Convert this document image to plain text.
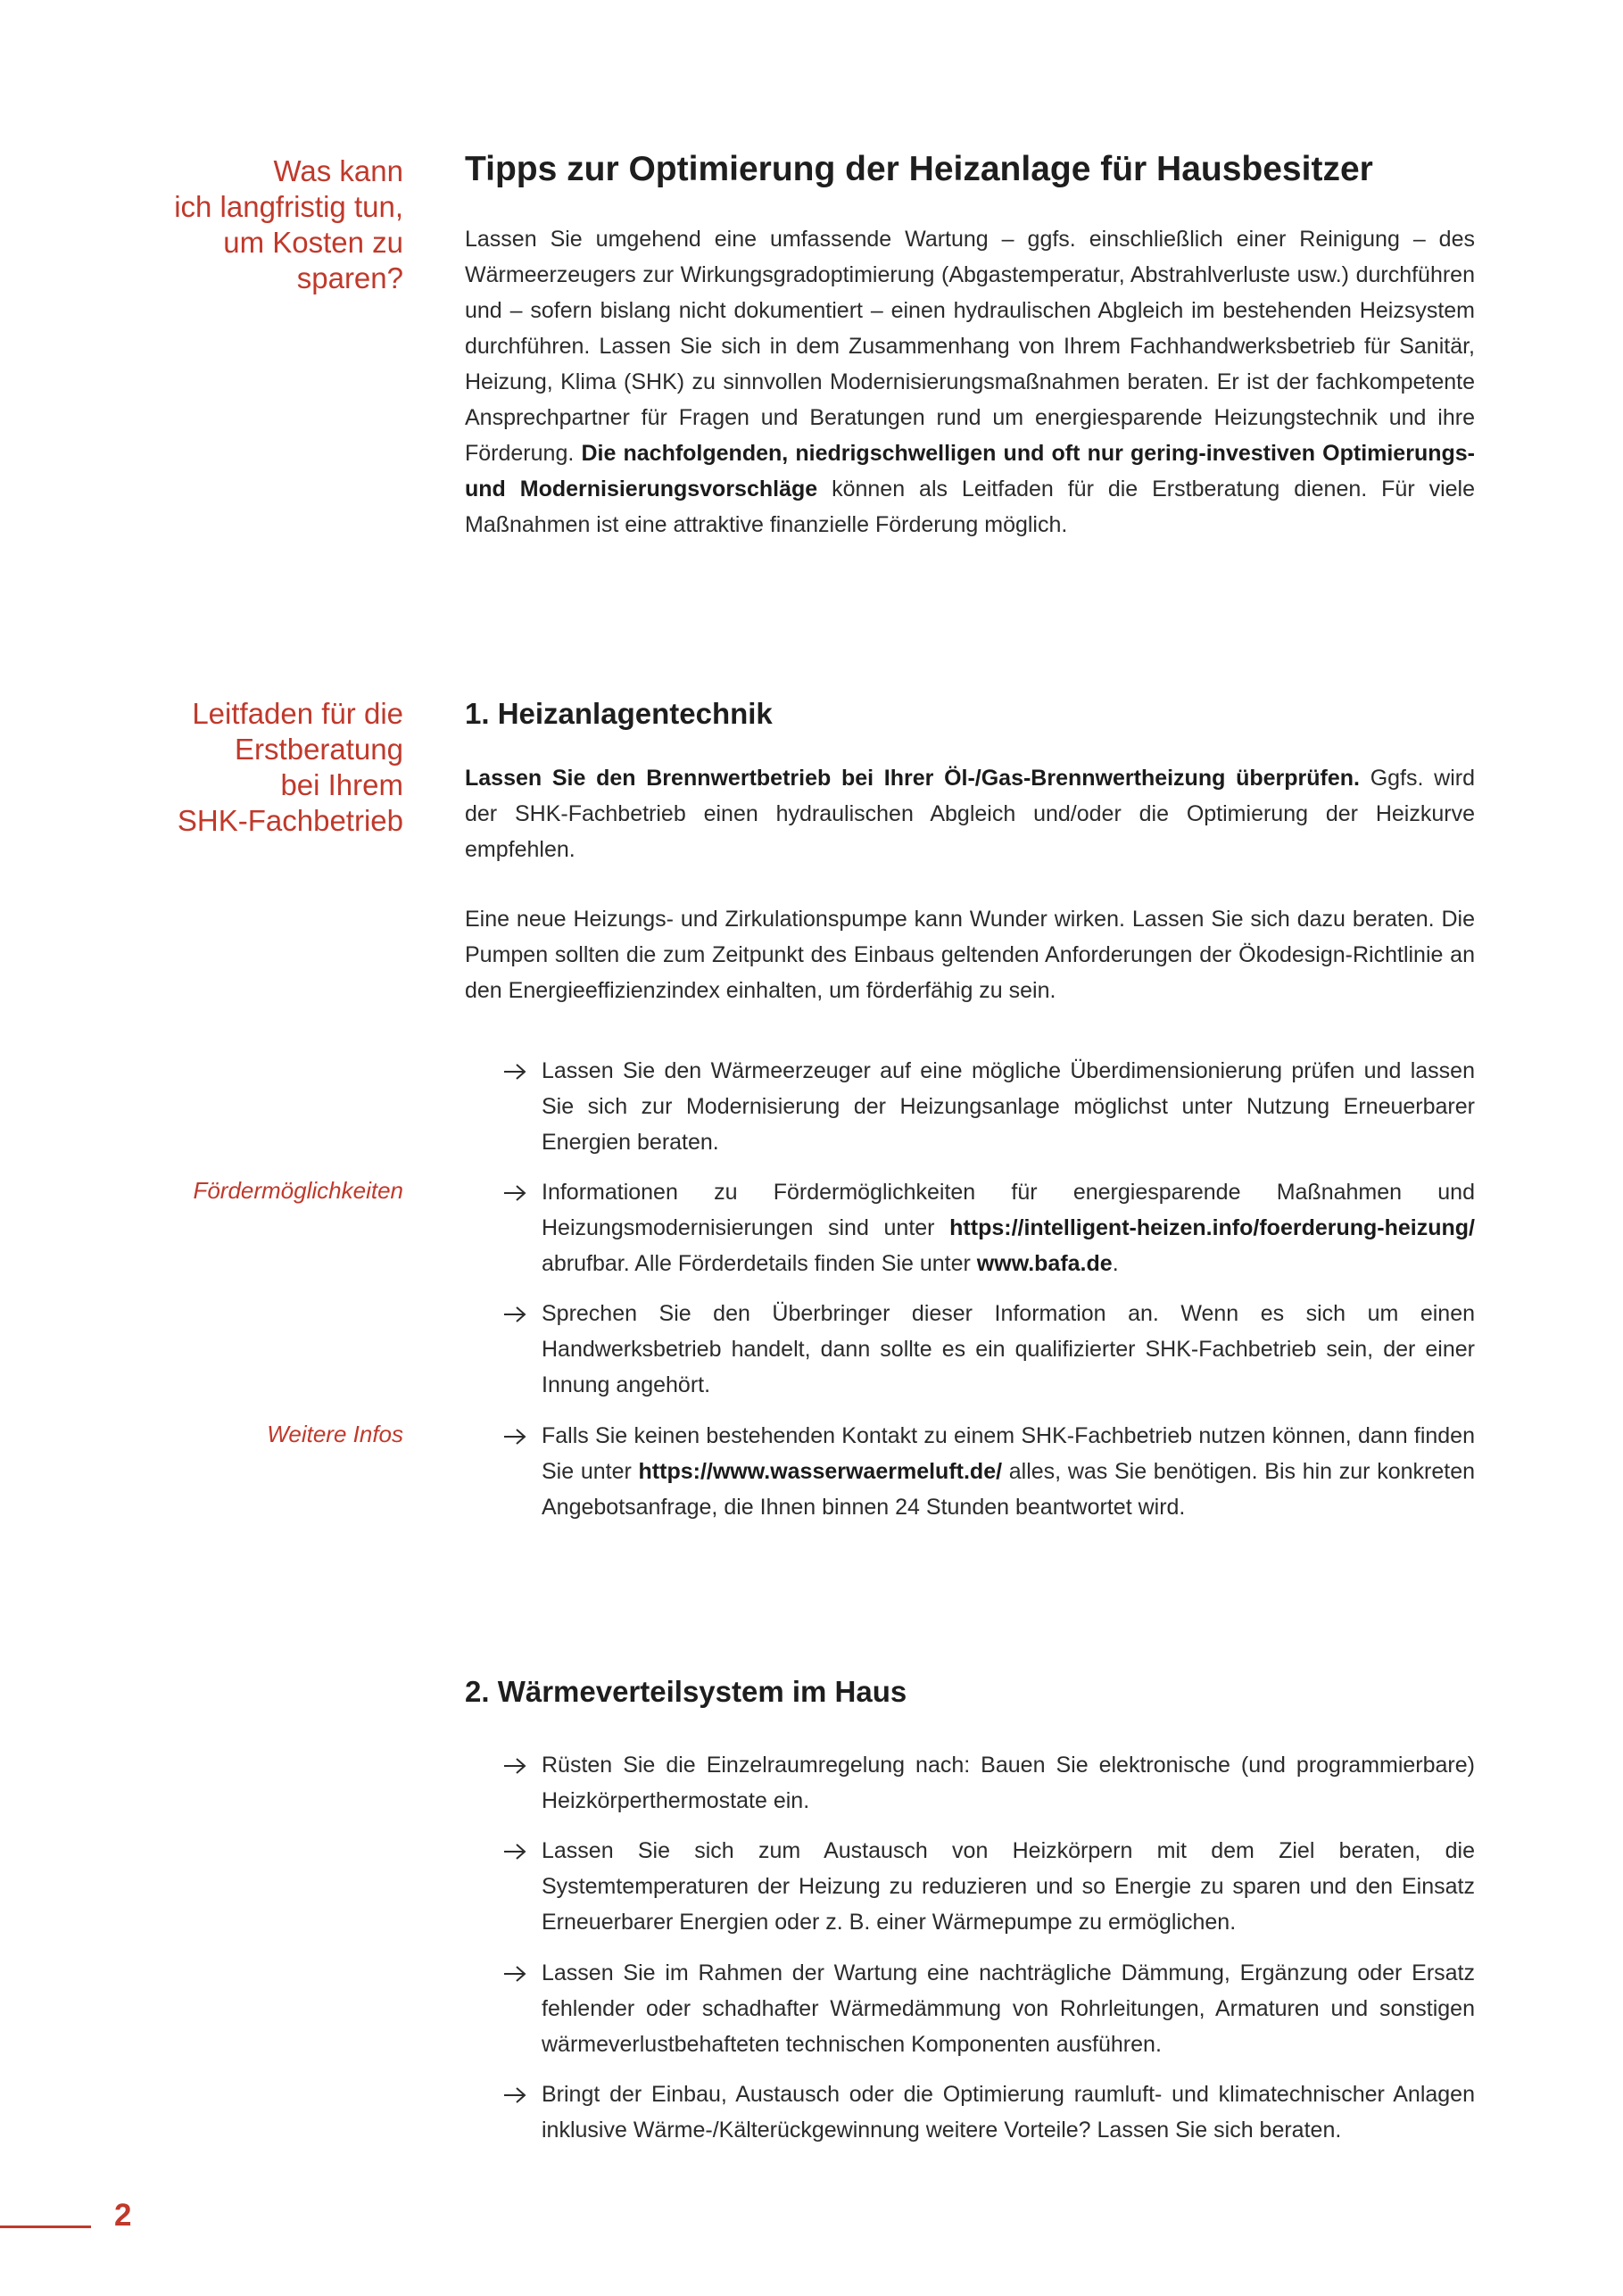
Was kann
ich langfristig tun,
um Kosten zu
sparen?
Tipps zur Optimierung der Heizanlage für Hausbesitzer

Lassen Sie umgehend eine umfassende Wartung – ggfs. einschließlich einer Reinigung – des Wärmeerzeugers zur Wirkungsgradoptimierung (Abgastemperatur, Abstrahlverluste usw.) durchführen und – sofern bislang nicht dokumentiert – einen hydraulischen Abgleich im bestehenden Heizsystem durchführen. Lassen Sie sich in dem Zusammenhang von Ihrem Fachhandwerksbetrieb für Sanitär, Heizung, Klima (SHK) zu sinnvollen Modernisierungsmaßnahmen beraten. Er ist der fachkompetente Ansprechpartner für Fragen und Beratungen rund um energiesparende Heizungstechnik und ihre Förderung. Die nachfolgenden, niedrigschwelligen und oft nur gering-investiven Optimierungs- und Modernisierungsvorschläge können als Leitfaden für die Erstberatung dienen. Für viele Maßnahmen ist eine attraktive finanzielle Förderung möglich.

Leitfaden für die
Erstberatung
bei Ihrem
SHK-Fachbetrieb
1. Heizanlagentechnik

Lassen Sie den Brennwertbetrieb bei Ihrer Öl-/Gas-Brennwertheizung überprüfen. Ggfs. wird der SHK-Fachbetrieb einen hydraulischen Abgleich und/oder die Optimierung der Heizkurve empfehlen.

Eine neue Heizungs- und Zirkulationspumpe kann Wunder wirken. Lassen Sie sich dazu beraten. Die Pumpen sollten die zum Zeitpunkt des Einbaus geltenden Anforderungen der Ökodesign-Richtlinie an den Energieeffizienzindex einhalten, um förderfähig zu sein.

Lassen Sie den Wärmeerzeuger auf eine mögliche Überdimensionierung prüfen und lassen Sie sich zur Modernisierung der Heizungsanlage möglichst unter Nutzung Erneuerbarer Energien beraten.
Fördermöglichkeiten	Informationen zu Fördermöglichkeiten für energiesparende Maßnahmen und Heizungsmodernisierungen sind unter https://intelligent-heizen.info/foerderung-heizung/ abrufbar. Alle Förderdetails finden Sie unter www.bafa.de.
Sprechen Sie den Überbringer dieser Information an. Wenn es sich um einen Handwerksbetrieb handelt, dann sollte es ein qualifizierter SHK-Fachbetrieb sein, der einer Innung angehört.
Weitere Infos	Falls Sie keinen bestehenden Kontakt zu einem SHK-Fachbetrieb nutzen können, dann finden Sie unter https://www.wasserwaermeluft.de/ alles, was Sie benötigen. Bis hin zur konkreten Angebotsanfrage, die Ihnen binnen 24 Stunden beantwortet wird.
2. Wärmeverteilsystem im Haus
Rüsten Sie die Einzelraumregelung nach: Bauen Sie elektronische (und programmierbare) Heizkörperthermostate ein.
Lassen Sie sich zum Austausch von Heizkörpern mit dem Ziel beraten, die Systemtemperaturen der Heizung zu reduzieren und so Energie zu sparen und den Einsatz Erneuerbarer Energien oder z. B. einer Wärmepumpe zu ermöglichen.
Lassen Sie im Rahmen der Wartung eine nachträgliche Dämmung, Ergänzung oder Ersatz fehlender oder schadhafter Wärmedämmung von Rohrleitungen, Armaturen und sonstigen wärmeverlustbehafteten technischen Komponenten ausführen.
Bringt der Einbau, Austausch oder die Optimierung raumluft- und klimatechnischer Anlagen inklusive Wärme-/Kälterückgewinnung weitere Vorteile? Lassen Sie sich beraten.
2
